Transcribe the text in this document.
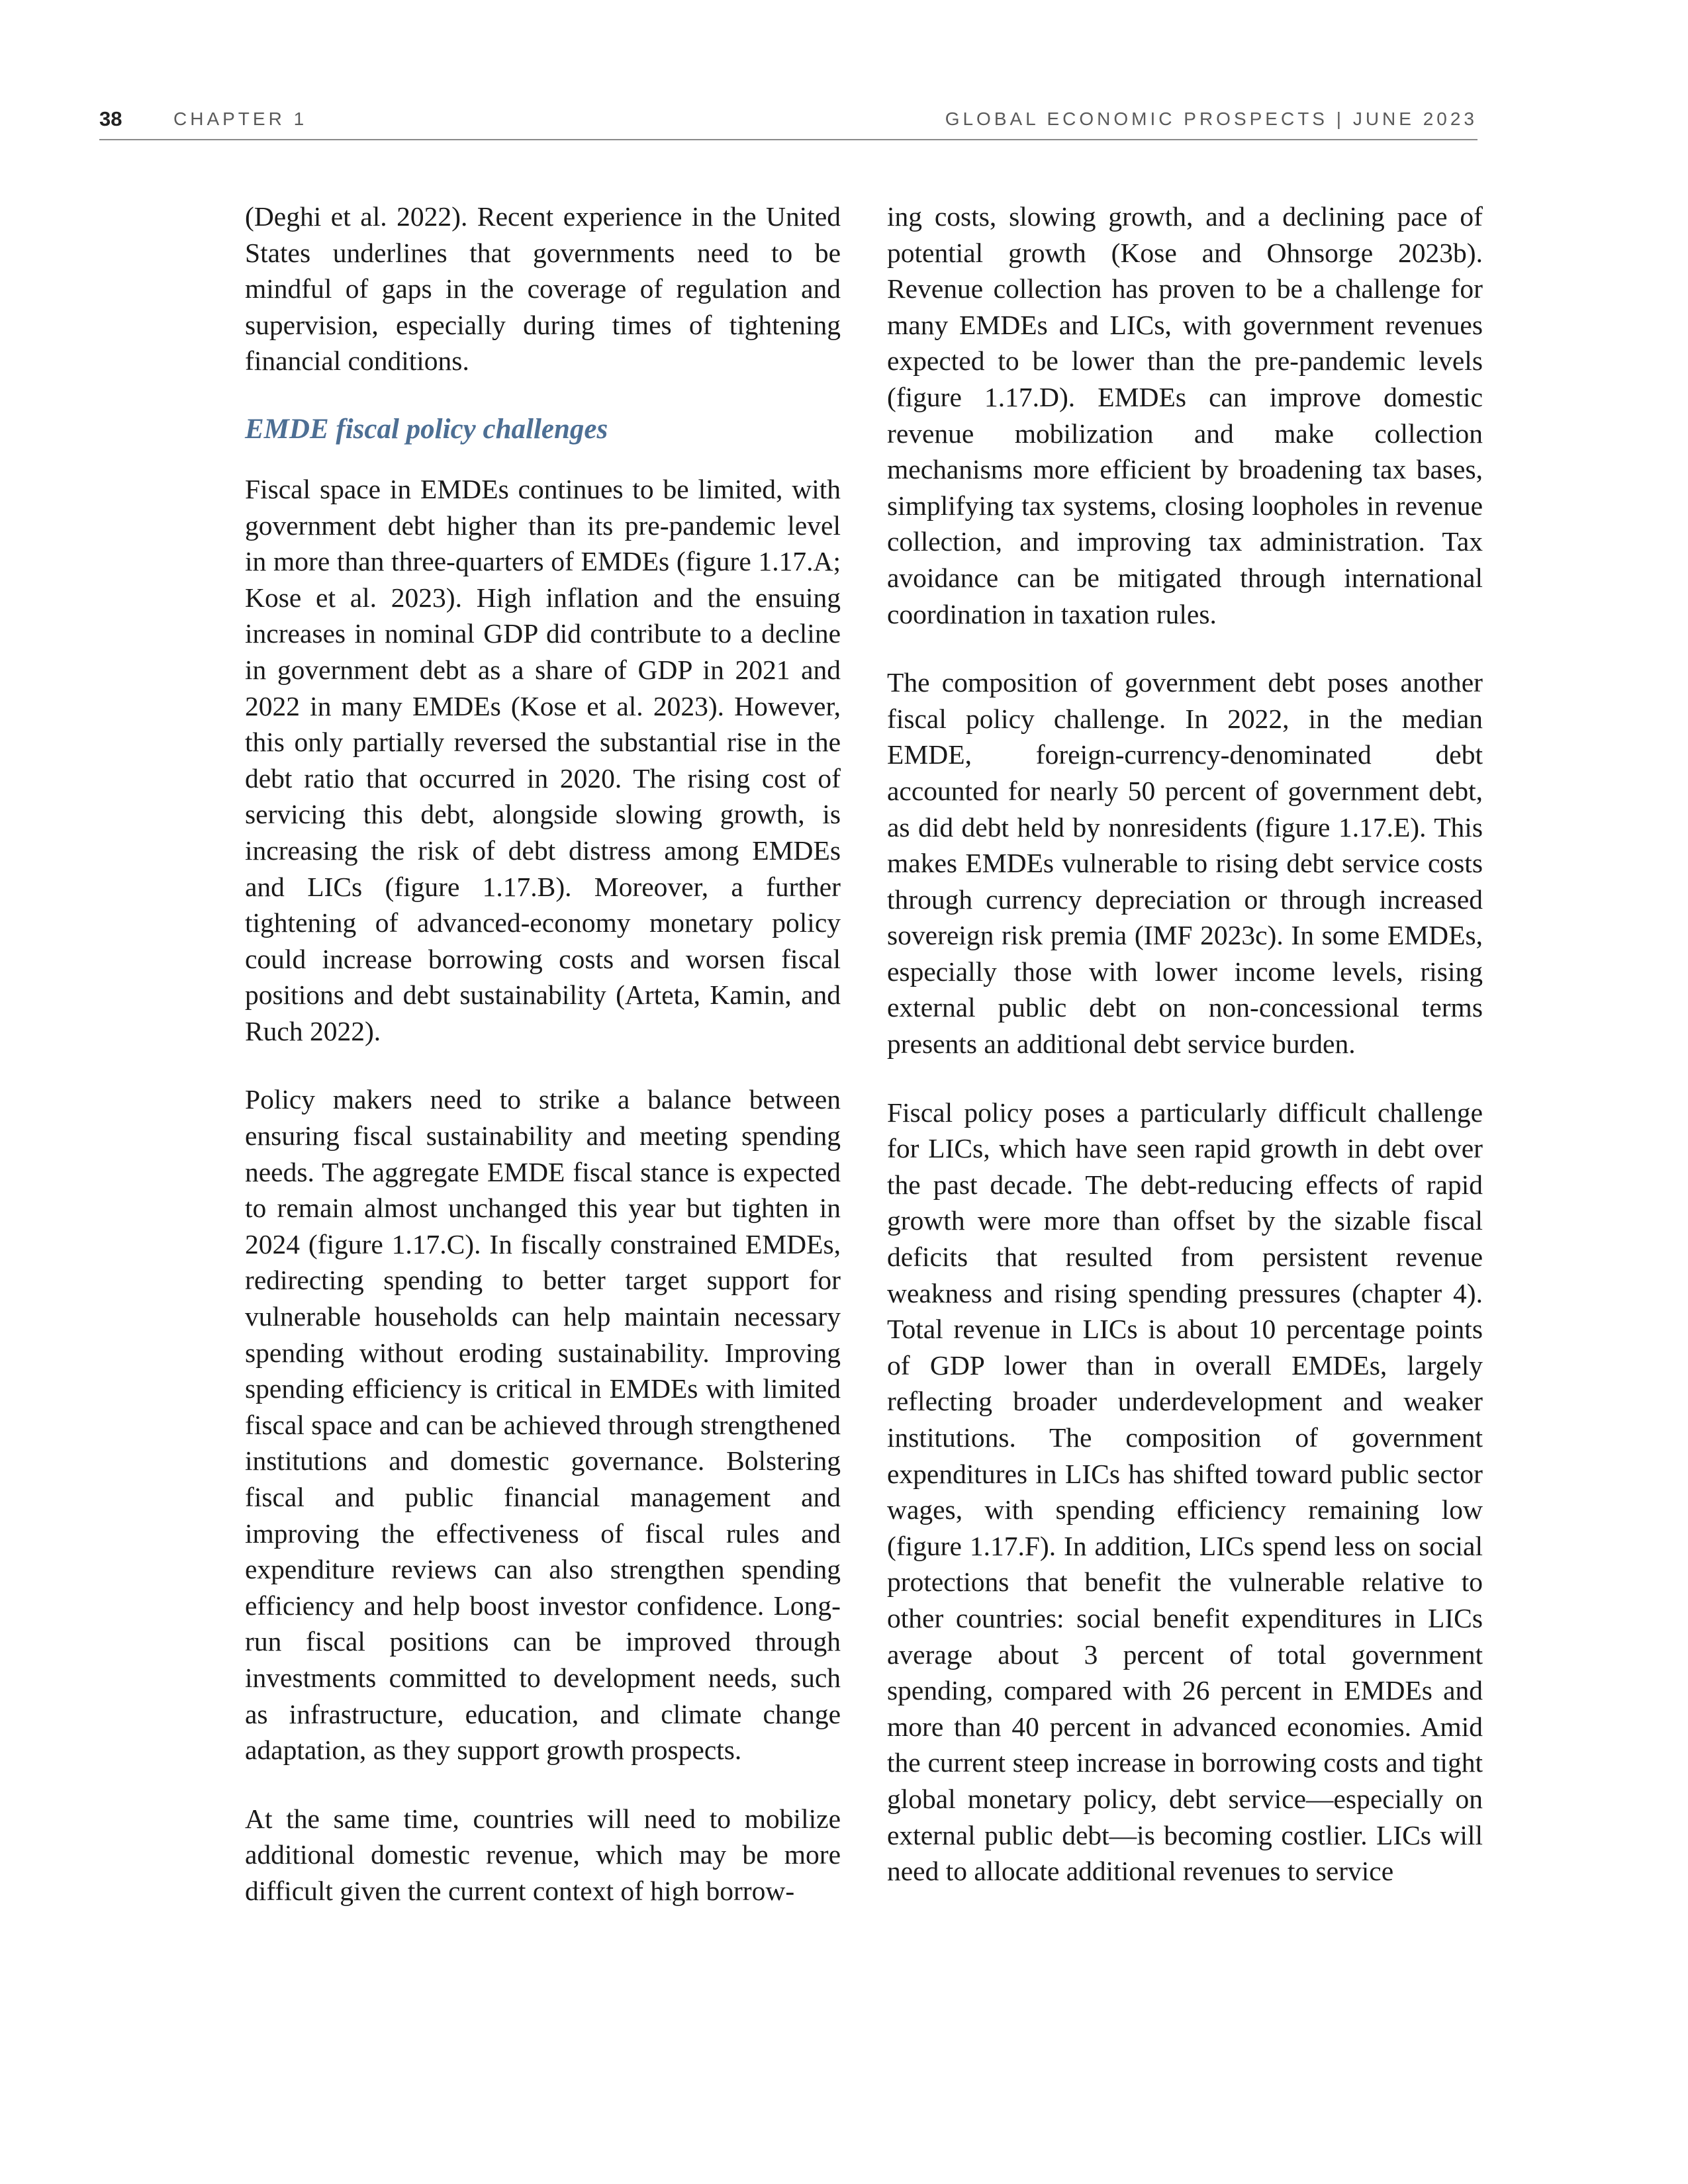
38	CHAPTER 1	GLOBAL ECONOMIC PROSPECTS | JUNE 2023

(Deghi et al. 2022). Recent experience in the United States underlines that governments need to be mindful of gaps in the coverage of regulation and supervision, especially during times of tightening financial conditions.

EMDE fiscal policy challenges

Fiscal space in EMDEs continues to be limited, with government debt higher than its pre-pandemic level in more than three-quarters of EMDEs (figure 1.17.A; Kose et al. 2023). High inflation and the ensuing increases in nominal GDP did contribute to a decline in government debt as a share of GDP in 2021 and 2022 in many EMDEs (Kose et al. 2023). However, this only partially reversed the substantial rise in the debt ratio that occurred in 2020. The rising cost of servicing this debt, alongside slowing growth, is increasing the risk of debt distress among EMDEs and LICs (figure 1.17.B). Moreover, a further tightening of advanced-economy monetary policy could increase borrowing costs and worsen fiscal positions and debt sustainability (Arteta, Kamin, and Ruch 2022).

Policy makers need to strike a balance between ensuring fiscal sustainability and meeting spending needs. The aggregate EMDE fiscal stance is expected to remain almost unchanged this year but tighten in 2024 (figure 1.17.C). In fiscally constrained EMDEs, redirecting spending to better target support for vulnerable households can help maintain necessary spending without eroding sustainability. Improving spending efficiency is critical in EMDEs with limited fiscal space and can be achieved through strengthened institutions and domestic governance. Bolstering fiscal and public financial management and improving the effectiveness of fiscal rules and expenditure reviews can also strengthen spending efficiency and help boost investor confidence. Long-run fiscal positions can be improved through investments committed to development needs, such as infrastructure, education, and climate change adaptation, as they support growth prospects.

At the same time, countries will need to mobilize additional domestic revenue, which may be more difficult given the current context of high borrow-

ing costs, slowing growth, and a declining pace of potential growth (Kose and Ohnsorge 2023b). Revenue collection has proven to be a challenge for many EMDEs and LICs, with government revenues expected to be lower than the pre-pandemic levels (figure 1.17.D). EMDEs can improve domestic revenue mobilization and make collection mechanisms more efficient by broadening tax bases, simplifying tax systems, closing loopholes in revenue collection, and improving tax administration. Tax avoidance can be mitigated through international coordination in taxation rules.

The composition of government debt poses another fiscal policy challenge. In 2022, in the median EMDE, foreign-currency-denominated debt accounted for nearly 50 percent of government debt, as did debt held by nonresidents (figure 1.17.E). This makes EMDEs vulnerable to rising debt service costs through currency depreciation or through increased sovereign risk premia (IMF 2023c). In some EMDEs, especially those with lower income levels, rising external public debt on non-concessional terms presents an additional debt service burden.

Fiscal policy poses a particularly difficult challenge for LICs, which have seen rapid growth in debt over the past decade. The debt-reducing effects of rapid growth were more than offset by the sizable fiscal deficits that resulted from persistent revenue weakness and rising spending pressures (chapter 4). Total revenue in LICs is about 10 percentage points of GDP lower than in overall EMDEs, largely reflecting broader underdevelopment and weaker institutions. The composition of government expenditures in LICs has shifted toward public sector wages, with spending efficiency remaining low (figure 1.17.F). In addition, LICs spend less on social protections that benefit the vulnerable relative to other countries: social benefit expenditures in LICs average about 3 percent of total government spending, compared with 26 percent in EMDEs and more than 40 percent in advanced economies. Amid the current steep increase in borrowing costs and tight global monetary policy, debt service—especially on external public debt—is becoming costlier. LICs will need to allocate additional revenues to service
